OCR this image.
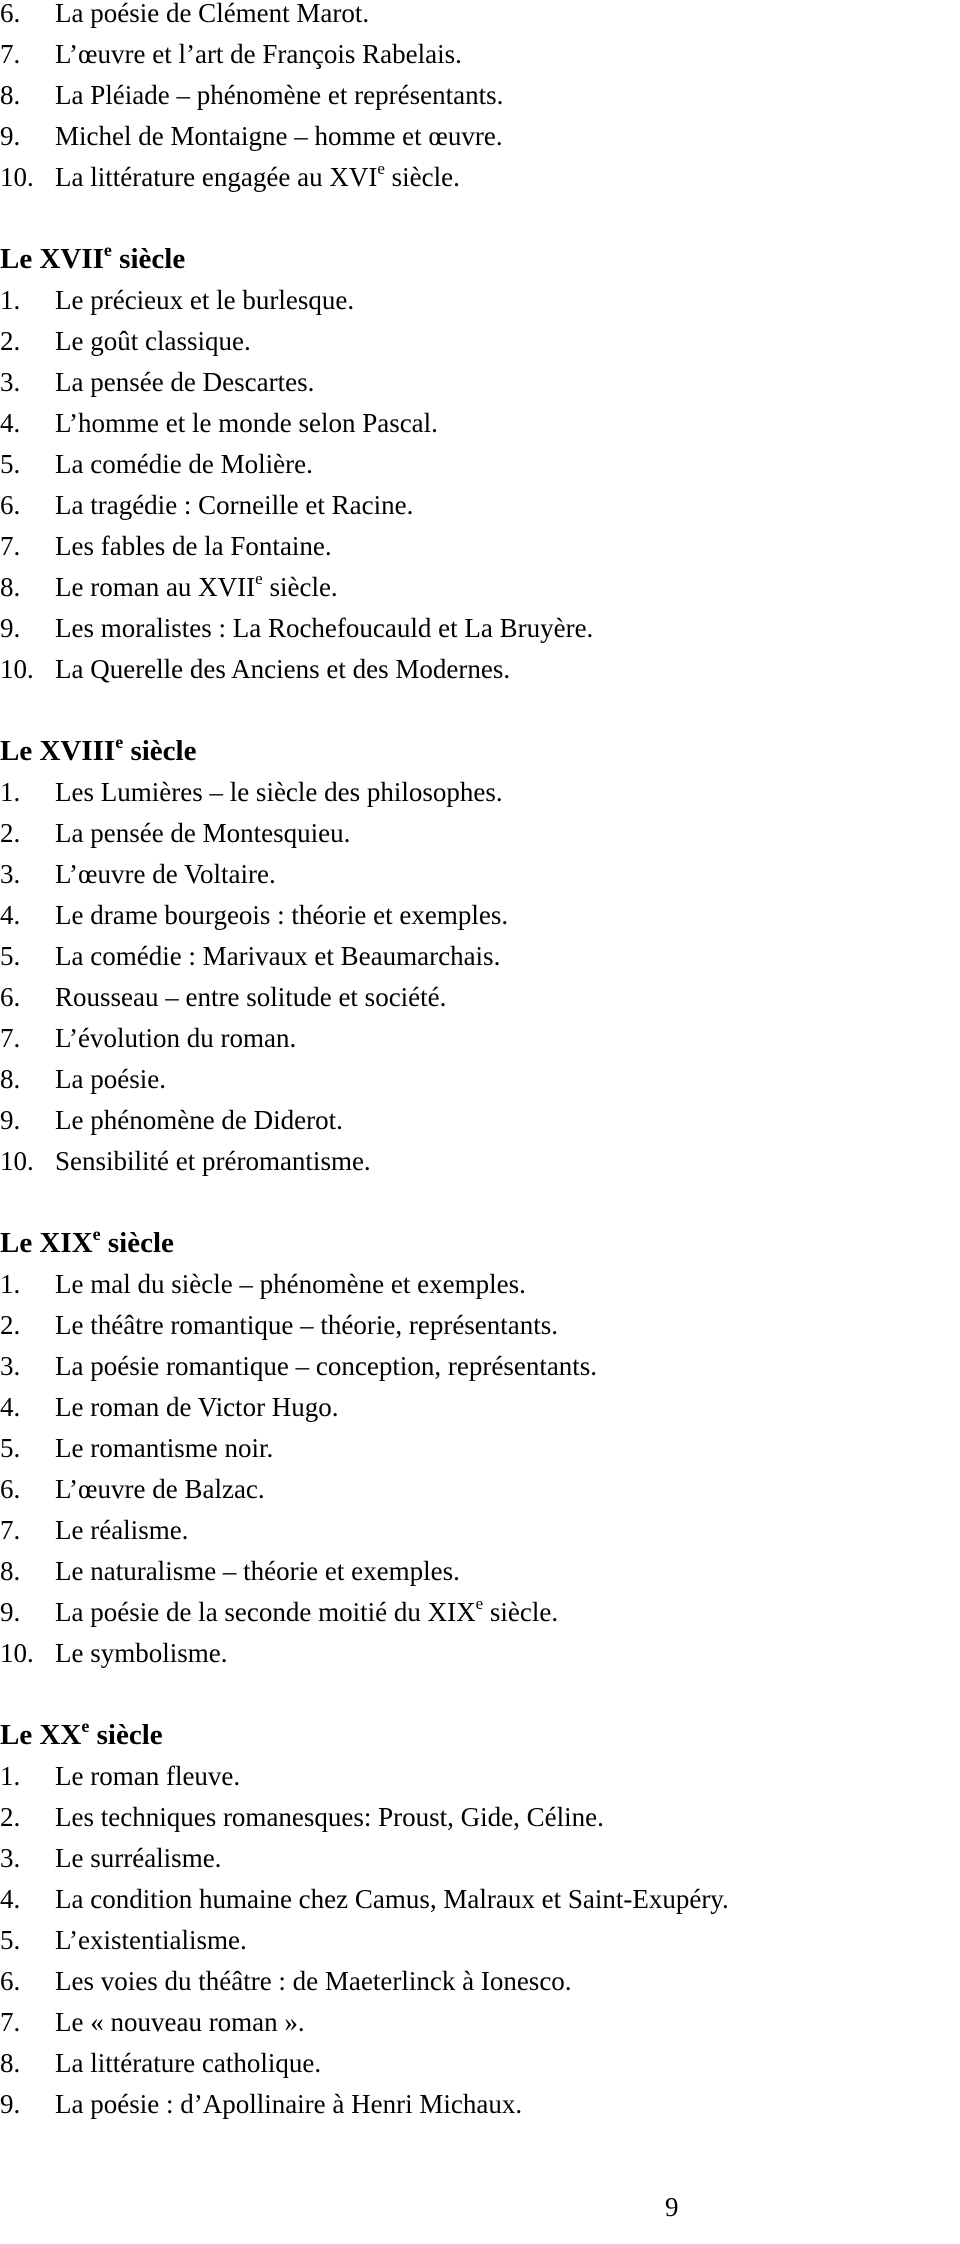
6. La poésie de Clément Marot.
7. L’œuvre et l’art de François Rabelais.
8. La Pléiade – phénomène et représentants.
9. Michel de Montaigne – homme et œuvre.
10. La littérature engagée au XVIe siècle.
Le XVIIe siècle
1. Le précieux et le burlesque.
2. Le goût classique.
3. La pensée de Descartes.
4. L’homme et le monde selon Pascal.
5. La comédie de Molière.
6. La tragédie : Corneille et Racine.
7. Les fables de la Fontaine.
8. Le roman au XVIIe siècle.
9. Les moralistes : La Rochefoucauld et La Bruyère.
10. La Querelle des Anciens et des Modernes.
Le XVIIIe siècle
1. Les Lumières – le siècle des philosophes.
2. La pensée de Montesquieu.
3. L’œuvre de Voltaire.
4. Le drame bourgeois : théorie et exemples.
5. La comédie : Marivaux et Beaumarchais.
6. Rousseau – entre solitude et société.
7. L’évolution du roman.
8. La poésie.
9. Le phénomène de Diderot.
10. Sensibilité et préromantisme.
Le XIXe siècle
1. Le mal du siècle – phénomène et exemples.
2. Le théâtre romantique – théorie, représentants.
3. La poésie romantique – conception, représentants.
4. Le roman de Victor Hugo.
5. Le romantisme noir.
6. L’œuvre de Balzac.
7. Le réalisme.
8. Le naturalisme – théorie et exemples.
9. La poésie de la seconde moitié du XIXe siècle.
10. Le symbolisme.
Le XXe siècle
1. Le roman fleuve.
2. Les techniques romanesques: Proust, Gide, Céline.
3. Le surréalisme.
4. La condition humaine chez Camus, Malraux et Saint-Exupéry.
5. L’existentialisme.
6. Les voies du théâtre : de Maeterlinck à Ionesco.
7. Le « nouveau roman ».
8. La littérature catholique.
9. La poésie : d’Apollinaire à Henri Michaux.
9
